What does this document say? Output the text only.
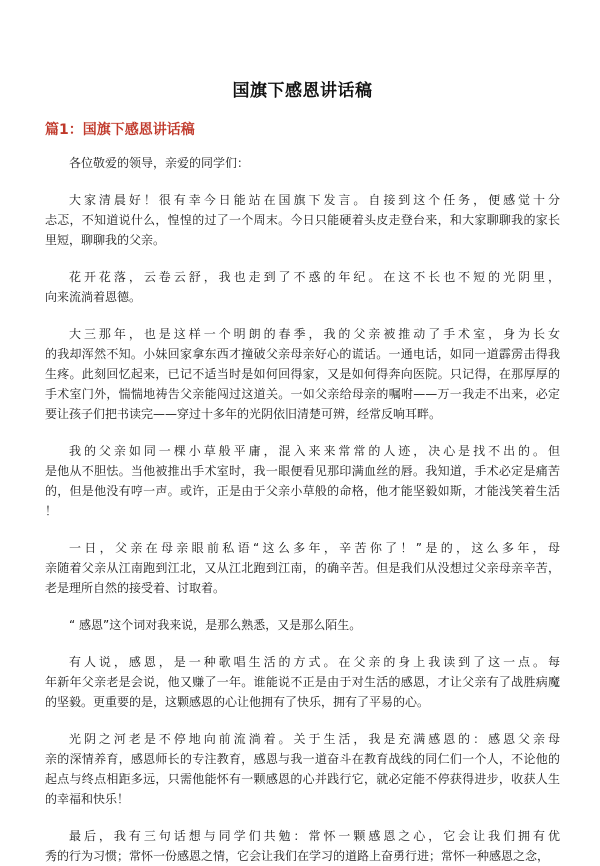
国旗下感恩讲话稿
篇1：国旗下感恩讲话稿
各位敬爱的领导，亲爱的同学们：
大家清晨好！很有幸今日能站在国旗下发言。自接到这个任务，便感觉十分
忐忑，不知道说什么，惶惶的过了一个周末。今日只能硬着头皮走登台来，和大家聊聊我的家长
里短，聊聊我的父亲。
花开花落，云卷云舒，我也走到了不惑的年纪。在这不长也不短的光阴里，
向来流淌着恩德。
大三那年，也是这样一个明朗的春季，我的父亲被推动了手术室，身为长女
的我却浑然不知。小妹回家拿东西才撞破父亲母亲好心的谎话。一通电话，如同一道霹雳击得我
生疼。此刻回忆起来，已记不适当时是如何回得家，又是如何得奔向医院。只记得，在那厚厚的
手术室门外，惴惴地祷告父亲能闯过这道关。一如父亲给母亲的嘱咐——万一我走不出来，必定
要让孩子们把书读完——穿过十多年的光阴依旧清楚可辨，经常反响耳畔。
我的父亲如同一棵小草般平庸，混入来来常常的人迹，决心是找不出的。但
是他从不胆怯。当他被推出手术室时，我一眼便看见那印满血丝的唇。我知道，手术必定是痛苦
的，但是他没有哼一声。或许，正是由于父亲小草般的命格，他才能坚毅如斯，才能浅笑着生活
！
一日，父亲在母亲眼前私语“这么多年，辛苦你了！”是的，这么多年，母
亲随着父亲从江南跑到江北，又从江北跑到江南，的确辛苦。但是我们从没想过父亲母亲辛苦，
老是理所自然的接受着、讨取着。
“ 感恩”这个词对我来说，是那么熟悉，又是那么陌生。
有人说，感恩，是一种歌唱生活的方式。在父亲的身上我读到了这一点。每
年新年父亲老是会说，他又赚了一年。谁能说不正是由于对生活的感恩，才让父亲有了战胜病魔
的坚毅。更重要的是，这颗感恩的心让他拥有了快乐，拥有了平易的心。
光阴之河老是不停地向前流淌着。关于生活，我是充满感恩的：感恩父亲母
亲的深情养育，感恩师长的专注教育，感恩与我一道奋斗在教育战线的同仁们一个人，不论他的
起点与终点相距多远，只需他能怀有一颗感恩的心并践行它，就必定能不停获得进步，收获人生
的幸福和快乐！
最后，我有三句话想与同学们共勉：常怀一颗感恩之心，它会让我们拥有优
秀的行为习惯；常怀一份感恩之情，它会让我们在学习的道路上奋勇行进；常怀一种感恩之念，
